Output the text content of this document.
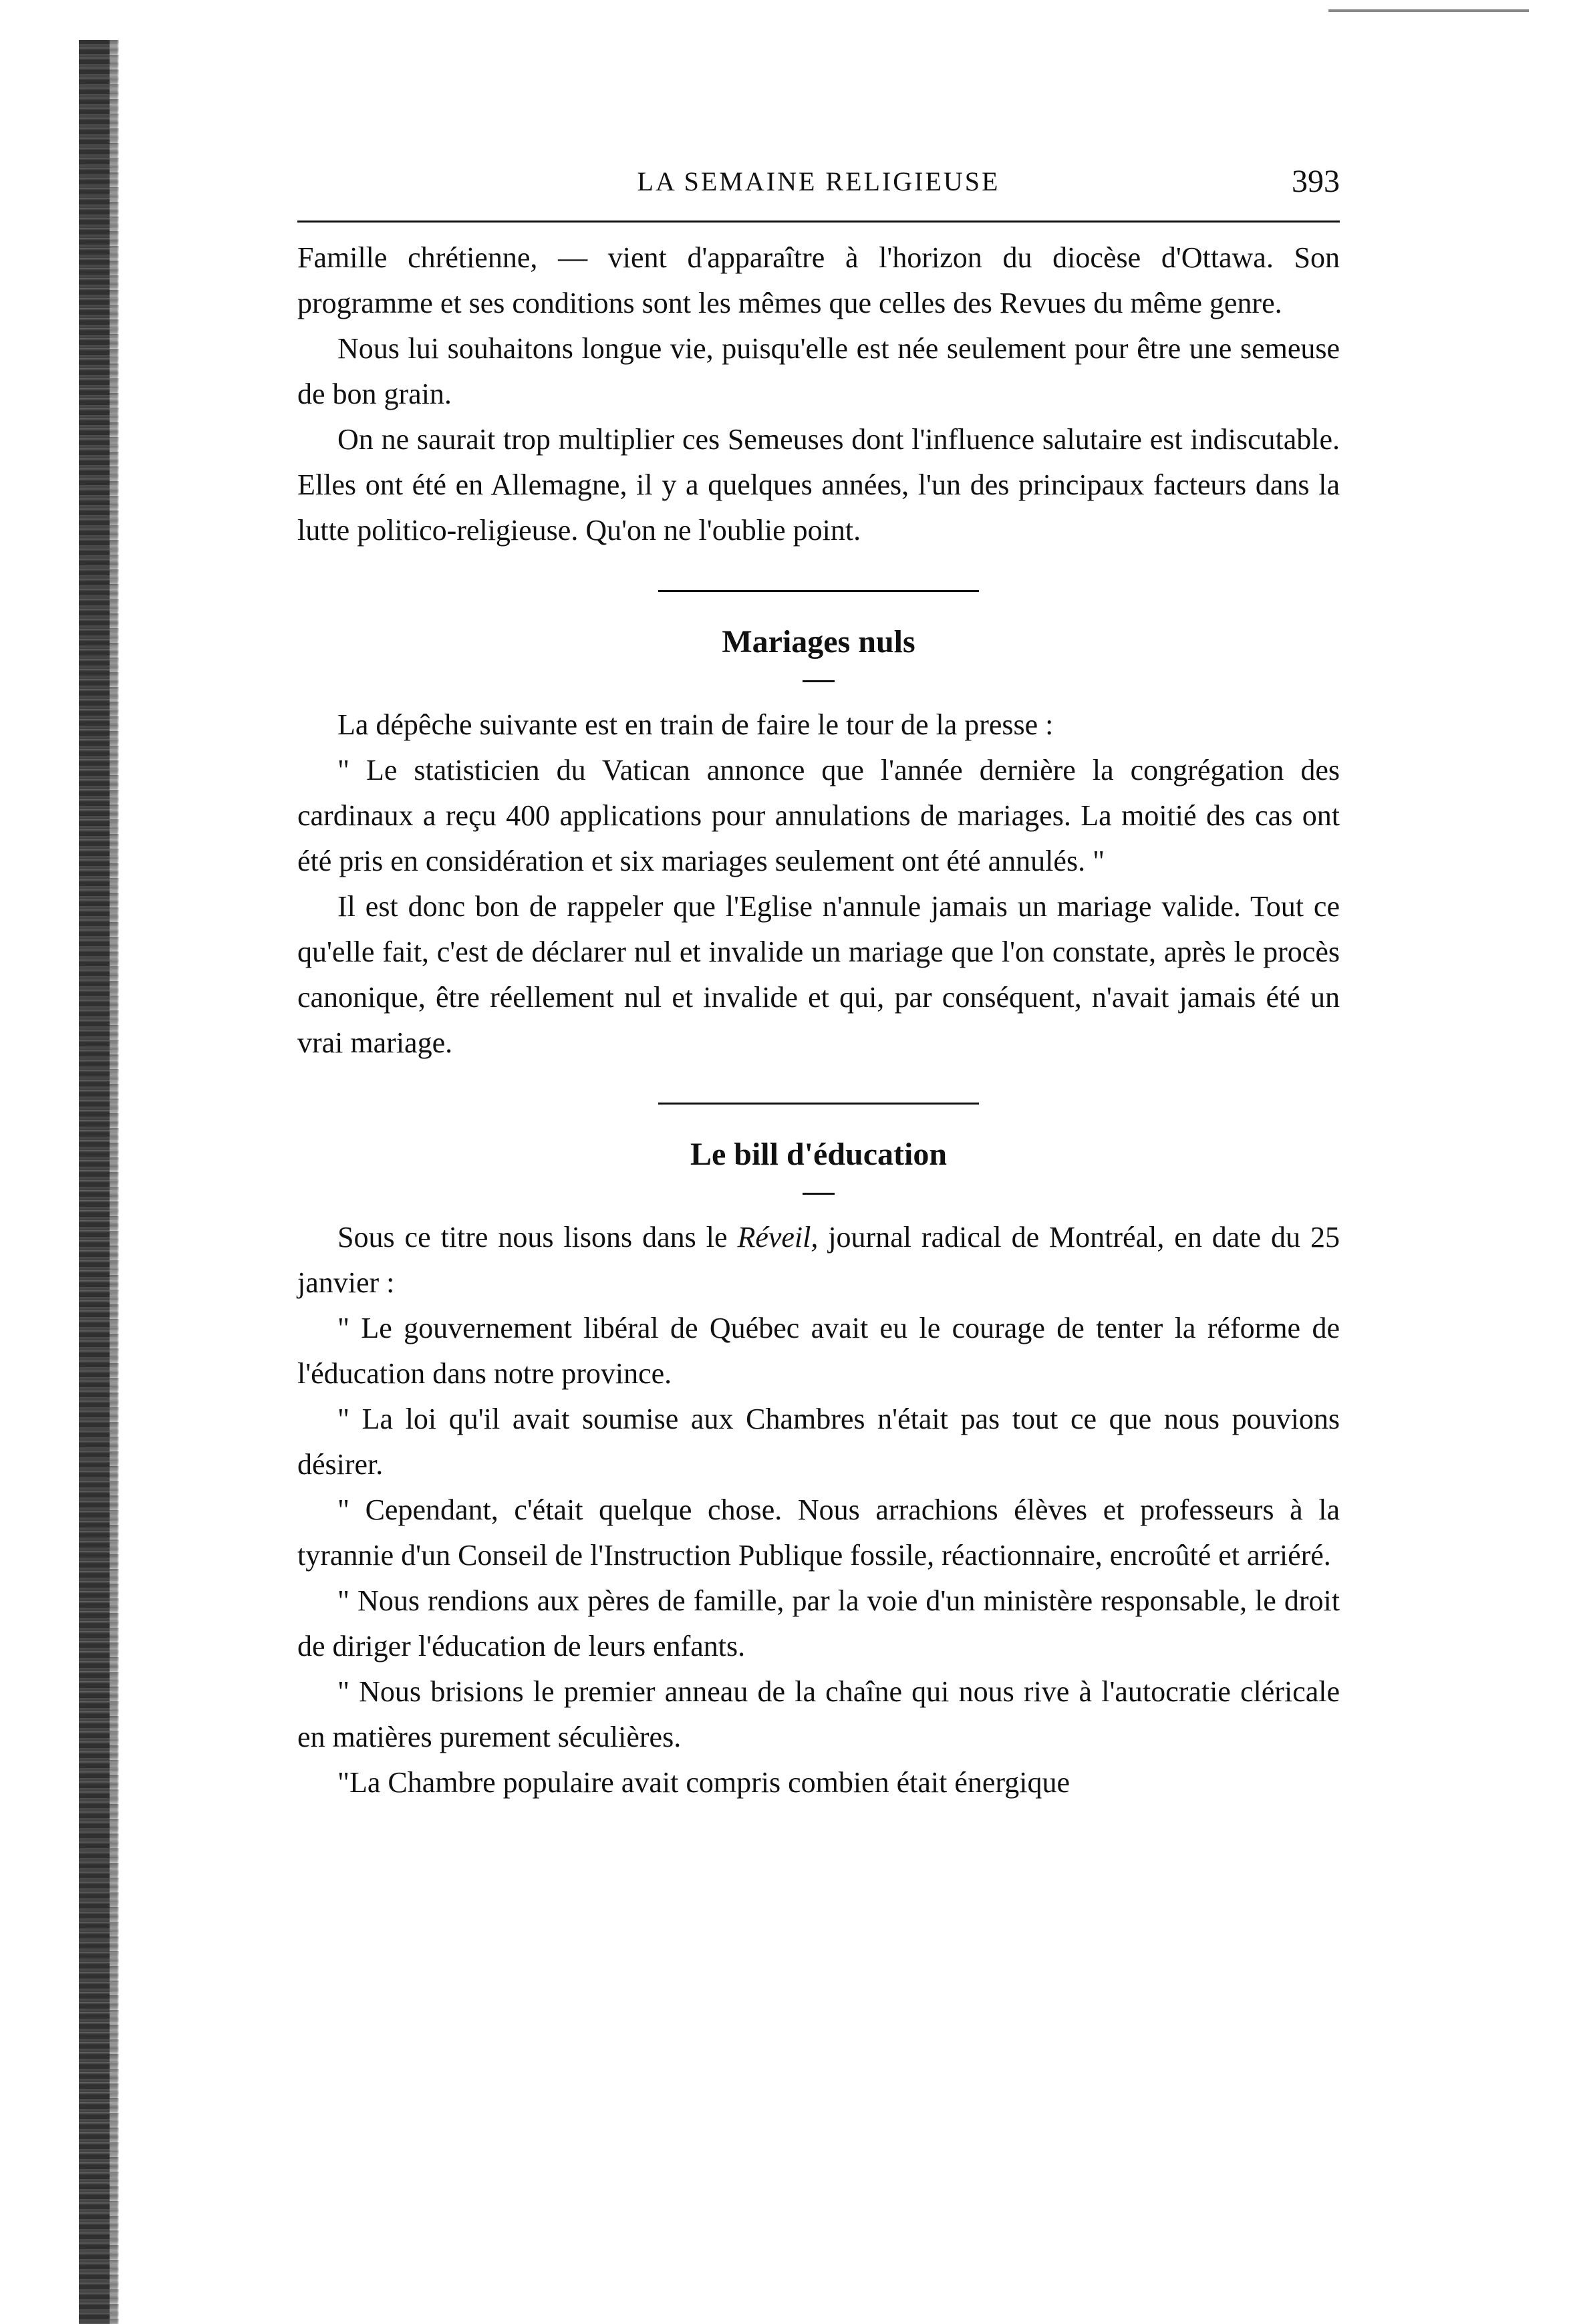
LA SEMAINE RELIGIEUSE	393

Famille chrétienne, — vient d'apparaître à l'horizon du diocèse d'Ottawa. Son programme et ses conditions sont les mêmes que celles des Revues du même genre.

Nous lui souhaitons longue vie, puisqu'elle est née seulement pour être une semeuse de bon grain.

On ne saurait trop multiplier ces Semeuses dont l'influence salutaire est indiscutable. Elles ont été en Allemagne, il y a quelques années, l'un des principaux facteurs dans la lutte politico-religieuse. Qu'on ne l'oublie point.

Mariages nuls

La dépêche suivante est en train de faire le tour de la presse :

" Le statisticien du Vatican annonce que l'année dernière la congrégation des cardinaux a reçu 400 applications pour annulations de mariages. La moitié des cas ont été pris en considération et six mariages seulement ont été annulés. "

Il est donc bon de rappeler que l'Eglise n'annule jamais un mariage valide. Tout ce qu'elle fait, c'est de déclarer nul et invalide un mariage que l'on constate, après le procès canonique, être réellement nul et invalide et qui, par conséquent, n'avait jamais été un vrai mariage.

Le bill d'éducation

Sous ce titre nous lisons dans le Réveil, journal radical de Montréal, en date du 25 janvier :

" Le gouvernement libéral de Québec avait eu le courage de tenter la réforme de l'éducation dans notre province.

" La loi qu'il avait soumise aux Chambres n'était pas tout ce que nous pouvions désirer.

" Cependant, c'était quelque chose. Nous arrachions élèves et professeurs à la tyrannie d'un Conseil de l'Instruction Publique fossile, réactionnaire, encroûté et arriéré.

" Nous rendions aux pères de famille, par la voie d'un ministère responsable, le droit de diriger l'éducation de leurs enfants.

" Nous brisions le premier anneau de la chaîne qui nous rive à l'autocratie cléricale en matières purement séculières.

"La Chambre populaire avait compris combien était énergique
